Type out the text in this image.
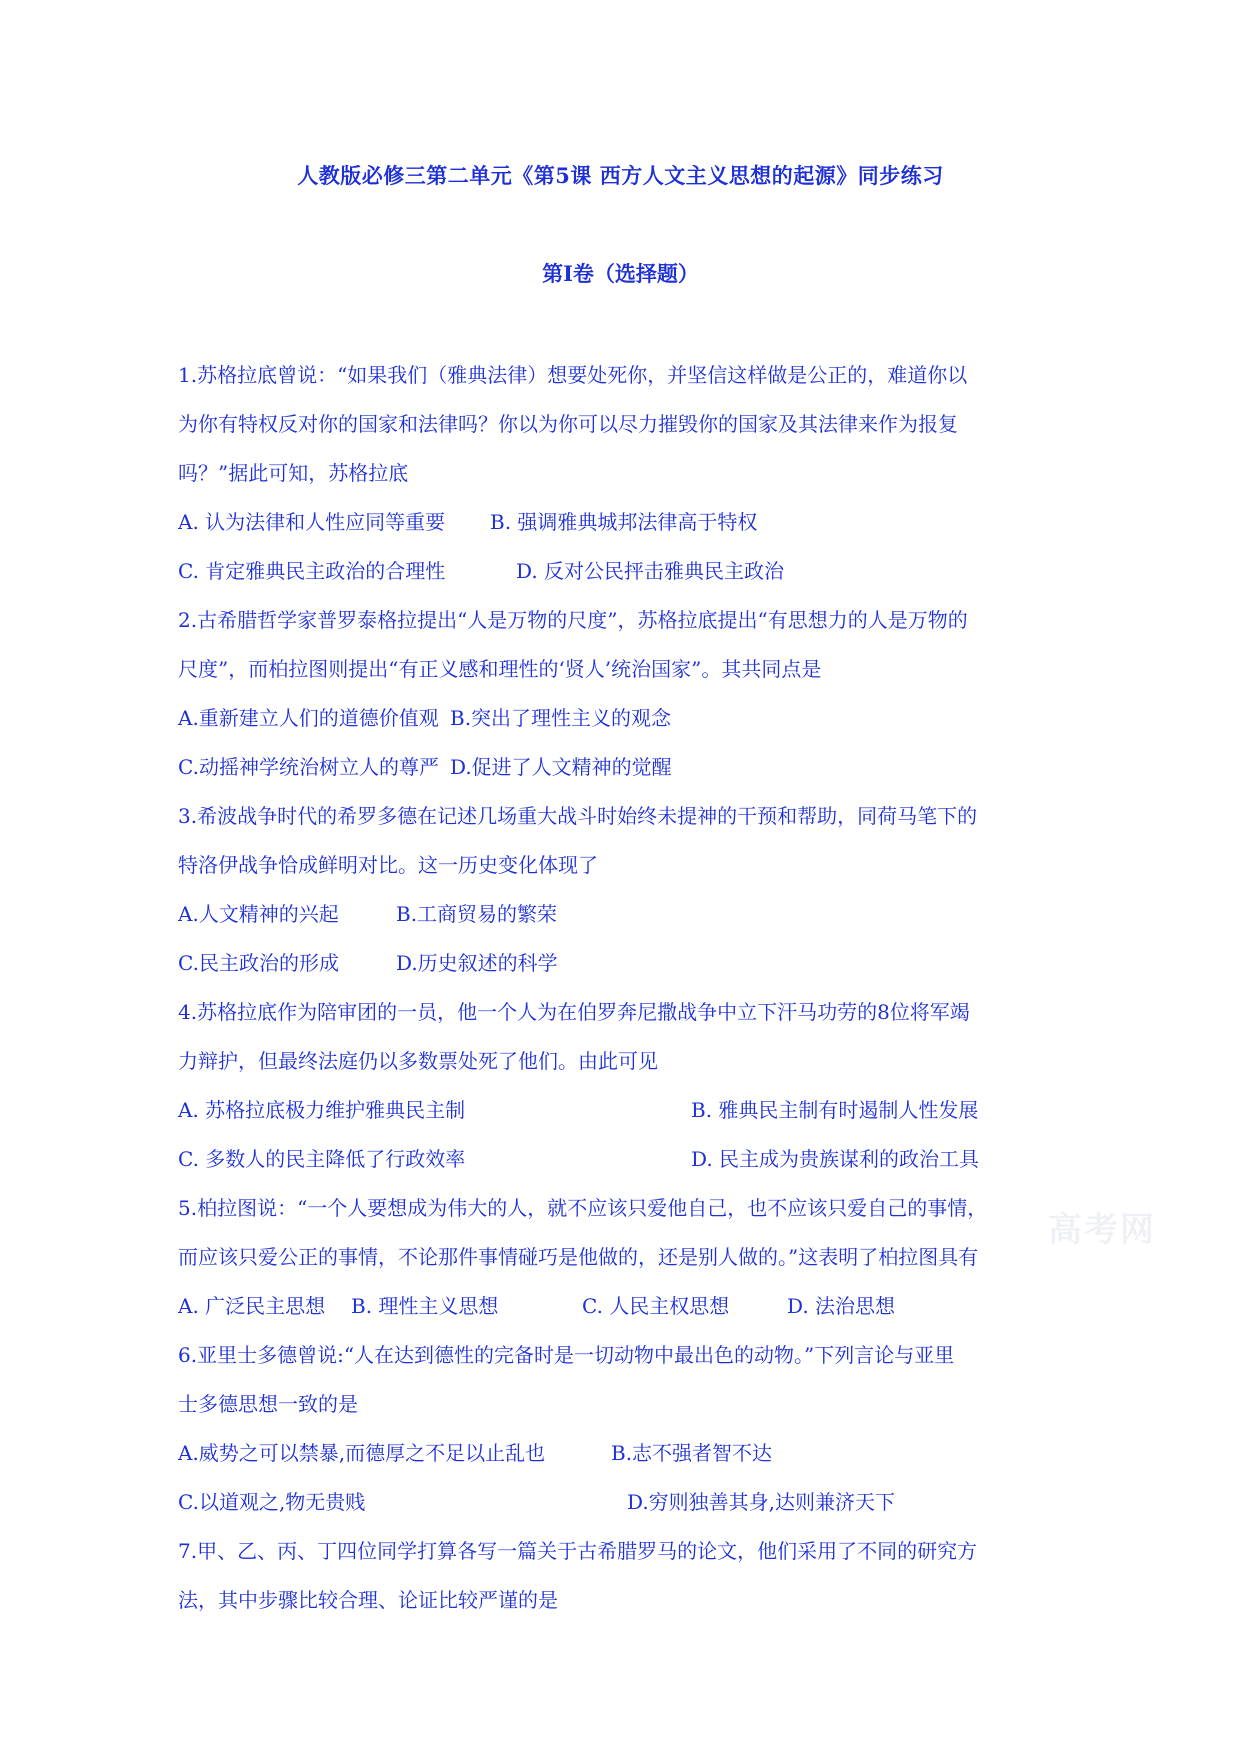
人教版必修三第二单元《第5课 西方人文主义思想的起源》同步练习
第Ⅰ卷（选择题）
高考网
1.苏格拉底曾说：“如果我们（雅典法律）想要处死你，并坚信这样做是公正的，难道你以
为你有特权反对你的国家和法律吗？你以为你可以尽力摧毁你的国家及其法律来作为报复
吗？”据此可知，苏格拉底
A. 认为法律和人性应同等重要 B. 强调雅典城邦法律高于特权
C. 肯定雅典民主政治的合理性	D. 反对公民抨击雅典民主政治
2.古希腊哲学家普罗泰格拉提出“人是万物的尺度”，苏格拉底提出“有思想力的人是万物的
尺度”，而柏拉图则提出“有正义感和理性的‘贤人’统治国家”。其共同点是
A.重新建立人们的道德价值观 B.突出了理性主义的观念
C.动摇神学统治树立人的尊严 D.促进了人文精神的觉醒
3.希波战争时代的希罗多德在记述几场重大战斗时始终未提神的干预和帮助，同荷马笔下的
特洛伊战争恰成鲜明对比。这一历史变化体现了
A.人文精神的兴起	B.工商贸易的繁荣
C.民主政治的形成	D.历史叙述的科学
4.苏格拉底作为陪审团的一员，他一个人为在伯罗奔尼撒战争中立下汗马功劳的8位将军竭
力辩护，但最终法庭仍以多数票处死了他们。由此可见
A. 苏格拉底极力维护雅典民主制	B. 雅典民主制有时遏制人性发展
C. 多数人的民主降低了行政效率	D. 民主成为贵族谋利的政治工具
5.柏拉图说：“一个人要想成为伟大的人，就不应该只爱他自己，也不应该只爱自己的事情，
而应该只爱公正的事情，不论那件事情碰巧是他做的，还是别人做的。”这表明了柏拉图具有
A. 广泛民主思想 B. 理性主义思想	C. 人民主权思想	D. 法治思想
6.亚里士多德曾说:“人在达到德性的完备时是一切动物中最出色的动物。”下列言论与亚里
士多德思想一致的是
A.威势之可以禁暴,而德厚之不足以止乱也	B.志不强者智不达
C.以道观之,物无贵贱	D.穷则独善其身,达则兼济天下
7.甲、乙、丙、丁四位同学打算各写一篇关于古希腊罗马的论文，他们采用了不同的研究方
法，其中步骤比较合理、论证比较严谨的是
